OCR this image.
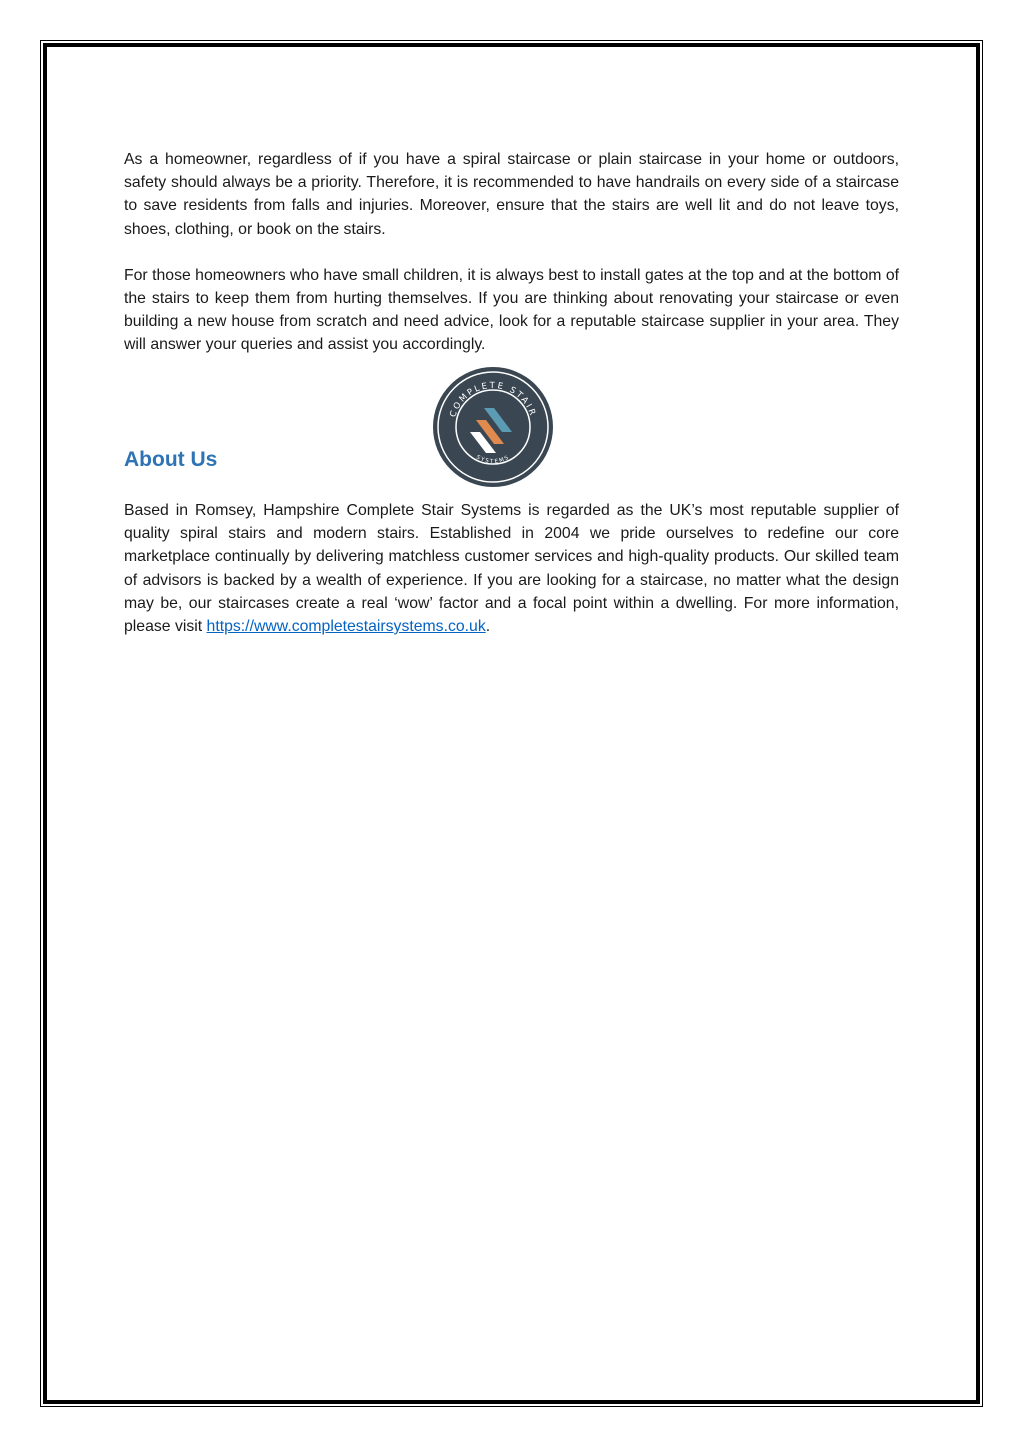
As a homeowner, regardless of if you have a spiral staircase or plain staircase in your home or outdoors, safety should always be a priority. Therefore, it is recommended to have handrails on every side of a staircase to save residents from falls and injuries. Moreover, ensure that the stairs are well lit and do not leave toys, shoes, clothing, or book on the stairs.

For those homeowners who have small children, it is always best to install gates at the top and at the bottom of the stairs to keep them from hurting themselves. If you are thinking about renovating your staircase or even building a new house from scratch and need advice, look for a reputable staircase supplier in your area. They will answer your queries and assist you accordingly.

COMPLETE STAIR
SYSTEMS
About Us

Based in Romsey, Hampshire Complete Stair Systems is regarded as the UK’s most reputable supplier of quality spiral stairs and modern stairs. Established in 2004 we pride ourselves to redefine our core marketplace continually by delivering matchless customer services and high-quality products. Our skilled team of advisors is backed by a wealth of experience. If you are looking for a staircase, no matter what the design may be, our staircases create a real ‘wow’ factor and a focal point within a dwelling. For more information, please visit https://www.completestairsystems.co.uk.
